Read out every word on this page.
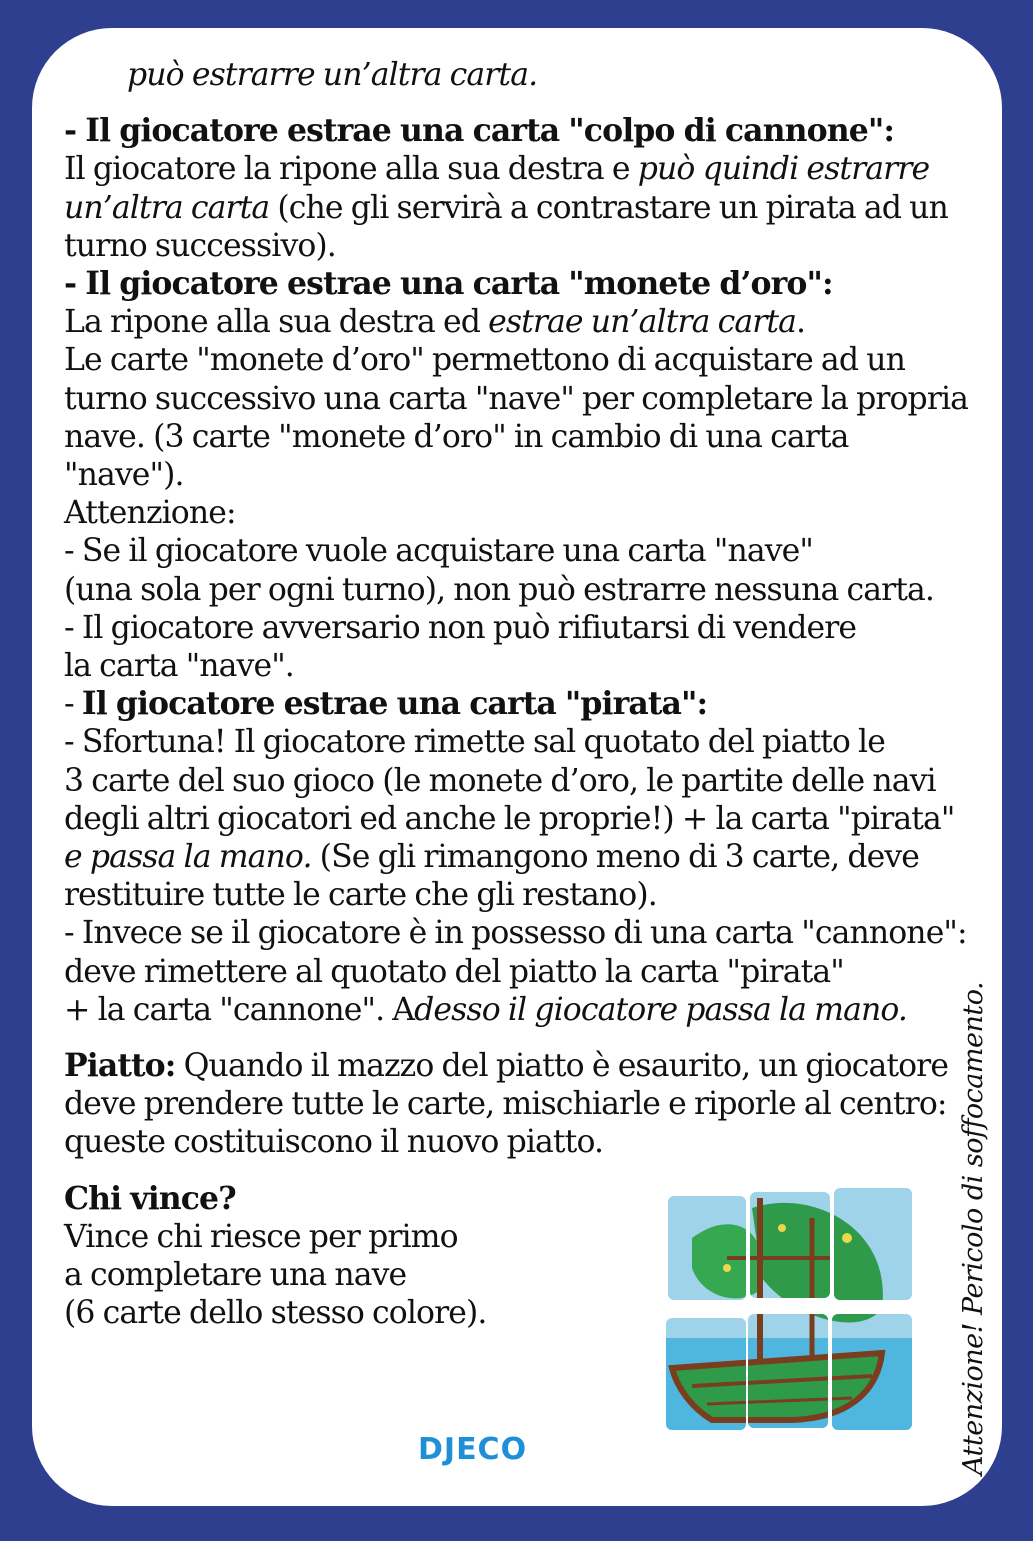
può estrarre un’altra carta.

- Il giocatore estrae una carta "colpo di cannone":

Il giocatore la ripone alla sua destra e può quindi estrarre

un’altra carta (che gli servirà a contrastare un pirata ad un

turno successivo).

- Il giocatore estrae una carta "monete d’oro":

La ripone alla sua destra ed estrae un’altra carta.

Le carte "monete d’oro" permettono di acquistare ad un

turno successivo una carta "nave" per completare la propria

nave. (3 carte "monete d’oro" in cambio di una carta "nave").

Attenzione:

- Se il giocatore vuole acquistare una carta "nave"

(una sola per ogni turno), non può estrarre nessuna carta.

- Il giocatore avversario non può rifiutarsi di vendere

la carta "nave".

- Il giocatore estrae una carta "pirata":

- Sfortuna! Il giocatore rimette sal quotato del piatto le

3 carte del suo gioco (le monete d’oro, le partite delle navi

degli altri giocatori ed anche le proprie!) + la carta "pirata"

e passa la mano. (Se gli rimangono meno di 3 carte, deve

restituire tutte le carte che gli restano).

- Invece se il giocatore è in possesso di una carta "cannone":

deve rimettere al quotato del piatto la carta "pirata"

+ la carta "cannone". Adesso il giocatore passa la mano.

Piatto: Quando il mazzo del piatto è esaurito, un giocatore

deve prendere tutte le carte, mischiarle e riporle al centro:

queste costituiscono il nuovo piatto.

Chi vince?

Vince chi riesce per primo

a completare una nave

(6 carte dello stesso colore).	Attenzione! Pericolo di soffocamento.
DJECO
